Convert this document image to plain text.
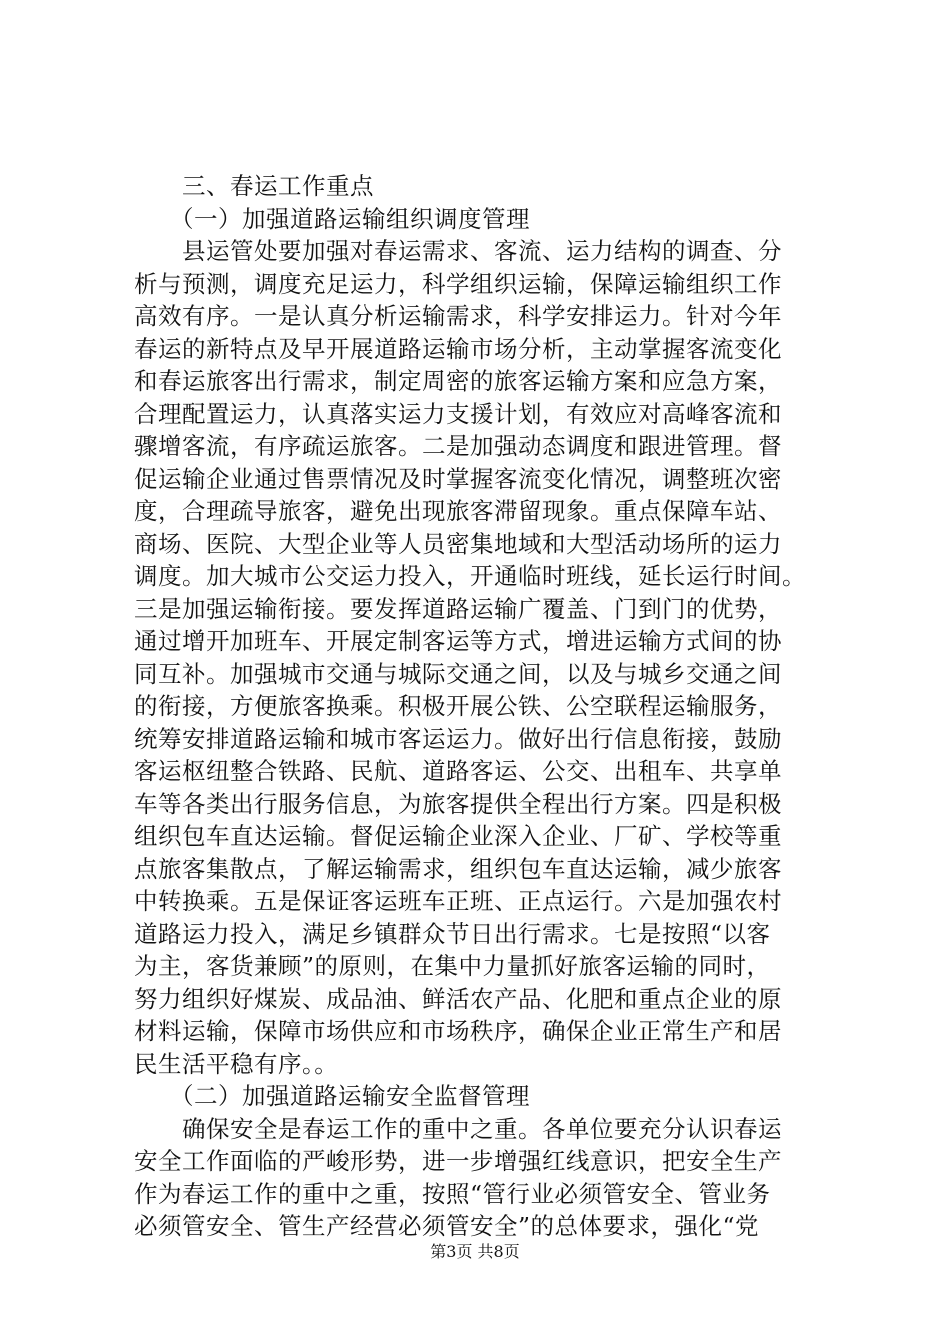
三、春运工作重点
（一）加强道路运输组织调度管理
县运管处要加强对春运需求、客流、运力结构的调查、分
析与预测，调度充足运力，科学组织运输，保障运输组织工作
高效有序。一是认真分析运输需求，科学安排运力。针对今年
春运的新特点及早开展道路运输市场分析，主动掌握客流变化
和春运旅客出行需求，制定周密的旅客运输方案和应急方案，
合理配置运力，认真落实运力支援计划，有效应对高峰客流和
骤增客流，有序疏运旅客。二是加强动态调度和跟进管理。督
促运输企业通过售票情况及时掌握客流变化情况，调整班次密
度，合理疏导旅客，避免出现旅客滞留现象。重点保障车站、
商场、医院、大型企业等人员密集地域和大型活动场所的运力
调度。加大城市公交运力投入，开通临时班线，延长运行时间。
三是加强运输衔接。要发挥道路运输广覆盖、门到门的优势，
通过增开加班车、开展定制客运等方式，增进运输方式间的协
同互补。加强城市交通与城际交通之间，以及与城乡交通之间
的衔接，方便旅客换乘。积极开展公铁、公空联程运输服务，
统筹安排道路运输和城市客运运力。做好出行信息衔接，鼓励
客运枢纽整合铁路、民航、道路客运、公交、出租车、共享单
车等各类出行服务信息，为旅客提供全程出行方案。四是积极
组织包车直达运输。督促运输企业深入企业、厂矿、学校等重
点旅客集散点，了解运输需求，组织包车直达运输，减少旅客
中转换乘。五是保证客运班车正班、正点运行。六是加强农村
道路运力投入，满足乡镇群众节日出行需求。七是按照“以客
为主，客货兼顾”的原则，在集中力量抓好旅客运输的同时，
努力组织好煤炭、成品油、鲜活农产品、化肥和重点企业的原
材料运输，保障市场供应和市场秩序，确保企业正常生产和居
民生活平稳有序。。
（二）加强道路运输安全监督管理
确保安全是春运工作的重中之重。各单位要充分认识春运
安全工作面临的严峻形势，进一步增强红线意识，把安全生产
作为春运工作的重中之重，按照“管行业必须管安全、管业务
必须管安全、管生产经营必须管安全”的总体要求，强化“党
第3页 共8页
